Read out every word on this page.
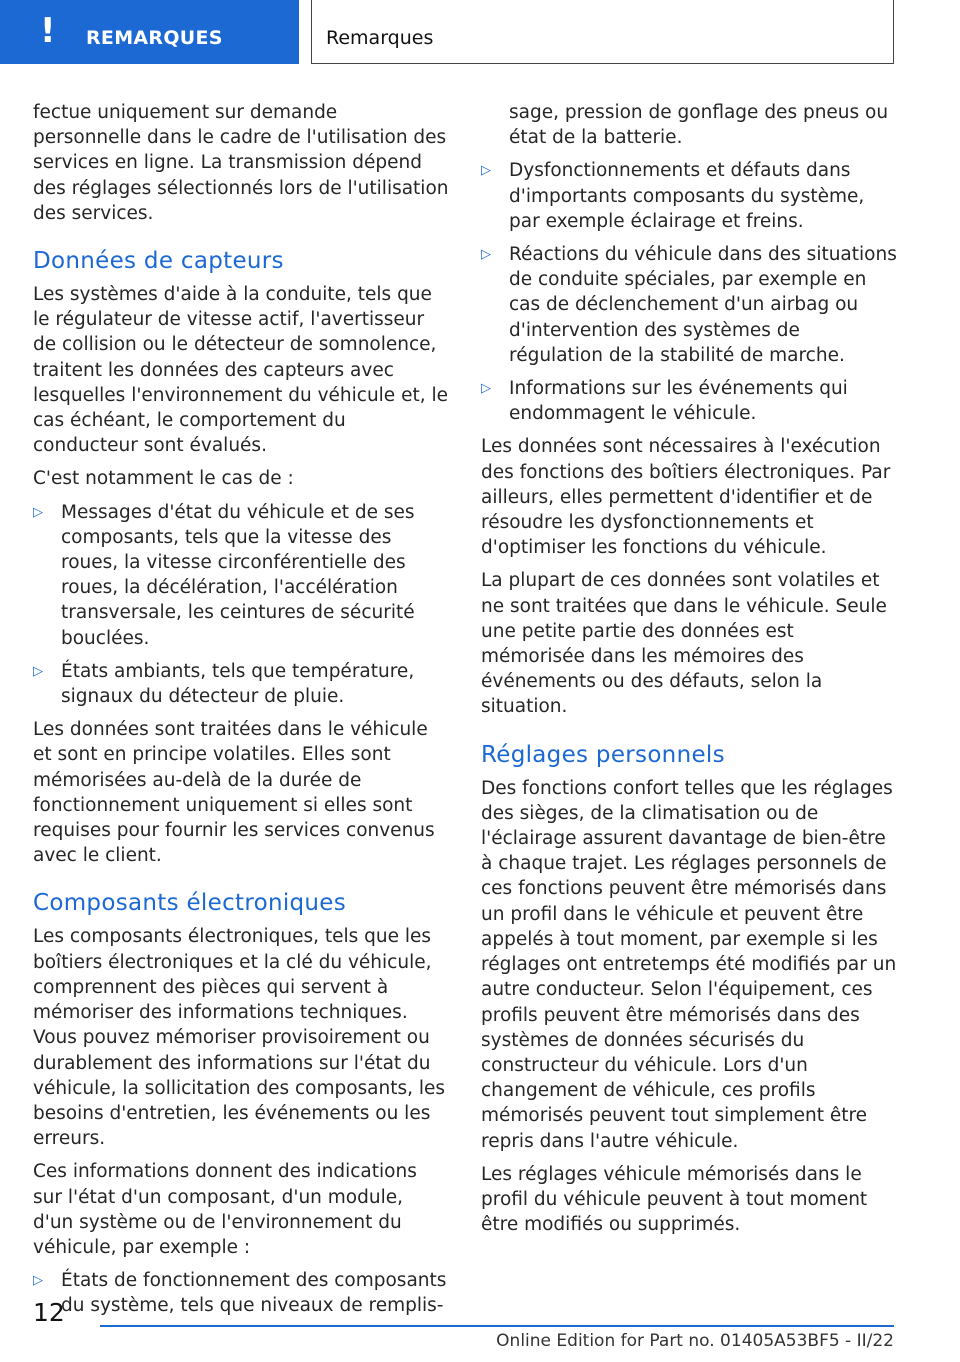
! REMARQUES	Remarques

fectue uniquement sur demande personnelle dans le cadre de l'utilisation des services en ligne. La transmission dépend des réglages sélectionnés lors de l'utilisation des services.

Données de capteurs

Les systèmes d'aide à la conduite, tels que le régulateur de vitesse actif, l'avertisseur de collision ou le détecteur de somnolence, traitent les données des capteurs avec lesquelles l'environnement du véhicule et, le cas échéant, le comportement du conducteur sont évalués.

C'est notamment le cas de :

▷ Messages d'état du véhicule et de ses composants, tels que la vitesse des roues, la vitesse circonférentielle des roues, la décélération, l'accélération transversale, les ceintures de sécurité bouclées.
▷ États ambiants, tels que température, signaux du détecteur de pluie.

Les données sont traitées dans le véhicule et sont en principe volatiles. Elles sont mémorisées au-delà de la durée de fonctionnement uniquement si elles sont requises pour fournir les services convenus avec le client.

Composants électroniques

Les composants électroniques, tels que les boîtiers électroniques et la clé du véhicule, comprennent des pièces qui servent à mémoriser des informations techniques. Vous pouvez mémoriser provisoirement ou durablement des informations sur l'état du véhicule, la sollicitation des composants, les besoins d'entretien, les événements ou les erreurs.

Ces informations donnent des indications sur l'état d'un composant, d'un module, d'un système ou de l'environnement du véhicule, par exemple :

▷ États de fonctionnement des composants du système, tels que niveaux de remplis-

sage, pression de gonflage des pneus ou état de la batterie.

▷ Dysfonctionnements et défauts dans d'importants composants du système, par exemple éclairage et freins.
▷ Réactions du véhicule dans des situations de conduite spéciales, par exemple en cas de déclenchement d'un airbag ou d'intervention des systèmes de régulation de la stabilité de marche.
▷ Informations sur les événements qui endommagent le véhicule.

Les données sont nécessaires à l'exécution des fonctions des boîtiers électroniques. Par ailleurs, elles permettent d'identifier et de résoudre les dysfonctionnements et d'optimiser les fonctions du véhicule.

La plupart de ces données sont volatiles et ne sont traitées que dans le véhicule. Seule une petite partie des données est mémorisée dans les mémoires des événements ou des défauts, selon la situation.

Réglages personnels

Des fonctions confort telles que les réglages des sièges, de la climatisation ou de l'éclairage assurent davantage de bien-être à chaque trajet. Les réglages personnels de ces fonctions peuvent être mémorisés dans un profil dans le véhicule et peuvent être appelés à tout moment, par exemple si les réglages ont entretemps été modifiés par un autre conducteur. Selon l'équipement, ces profils peuvent être mémorisés dans des systèmes de données sécurisés du constructeur du véhicule. Lors d'un changement de véhicule, ces profils mémorisés peuvent tout simplement être repris dans l'autre véhicule.

Les réglages véhicule mémorisés dans le profil du véhicule peuvent à tout moment être modifiés ou supprimés.

12
Online Edition for Part no. 01405A53BF5 - II/22
